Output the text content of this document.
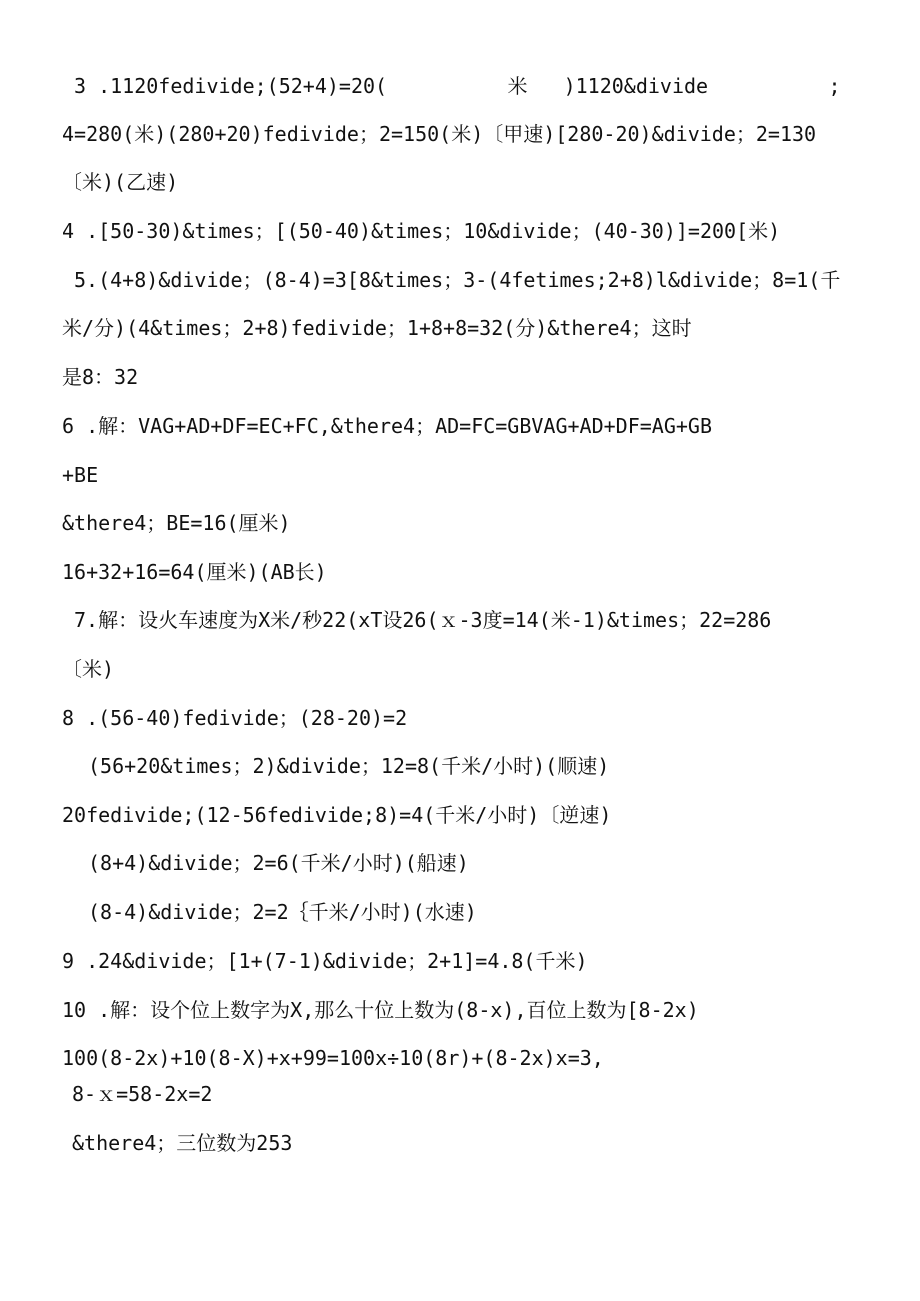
3 .1120fedivide;(52+4)=20(          米   )1120&divide          ;
4=280(米)(280+20)fedivide；2=150(米)〔甲速)[280-20)&divide；2=130
〔米)(乙速)
4 .[50-30)&times；[(50-40)&times；10&divide；(40-30)]=200[米)
5.(4+8)&divide；(8-4)=3[8&times；3-(4fetimes;2+8)l&divide；8=1(千
米/分)(4&times；2+8)fedivide；1+8+8=32(分)&there4；这时
是8：32
6 .解：VAG+AD+DF=EC+FC,&there4；AD=FC=GBVAG+AD+DF=AG+GB
+BE
&there4；BE=16(厘米)
16+32+16=64(厘米)(AB长)
7.解：设火车速度为X米/秒22(xT设26(ｘ-3度=14(米-1)&times；22=286
〔米)
8 .(56-40)fedivide；(28-20)=2
(56+20&times；2)&divide；12=8(千米/小时)(顺速)
20fedivide;(12-56fedivide;8)=4(千米/小时)〔逆速)
(8+4)&divide；2=6(千米/小时)(船速)
(8-4)&divide；2=2｛千米/小时)(水速)
9 .24&divide；[1+(7-1)&divide；2+1]=4.8(千米)
10 .解：设个位上数字为X,那么十位上数为(8-x),百位上数为[8-2x)
100(8-2x)+10(8-X)+x+99=100x÷10(8r)+(8-2x)x=3,
8-ｘ=58-2x=2
&there4；三位数为253
